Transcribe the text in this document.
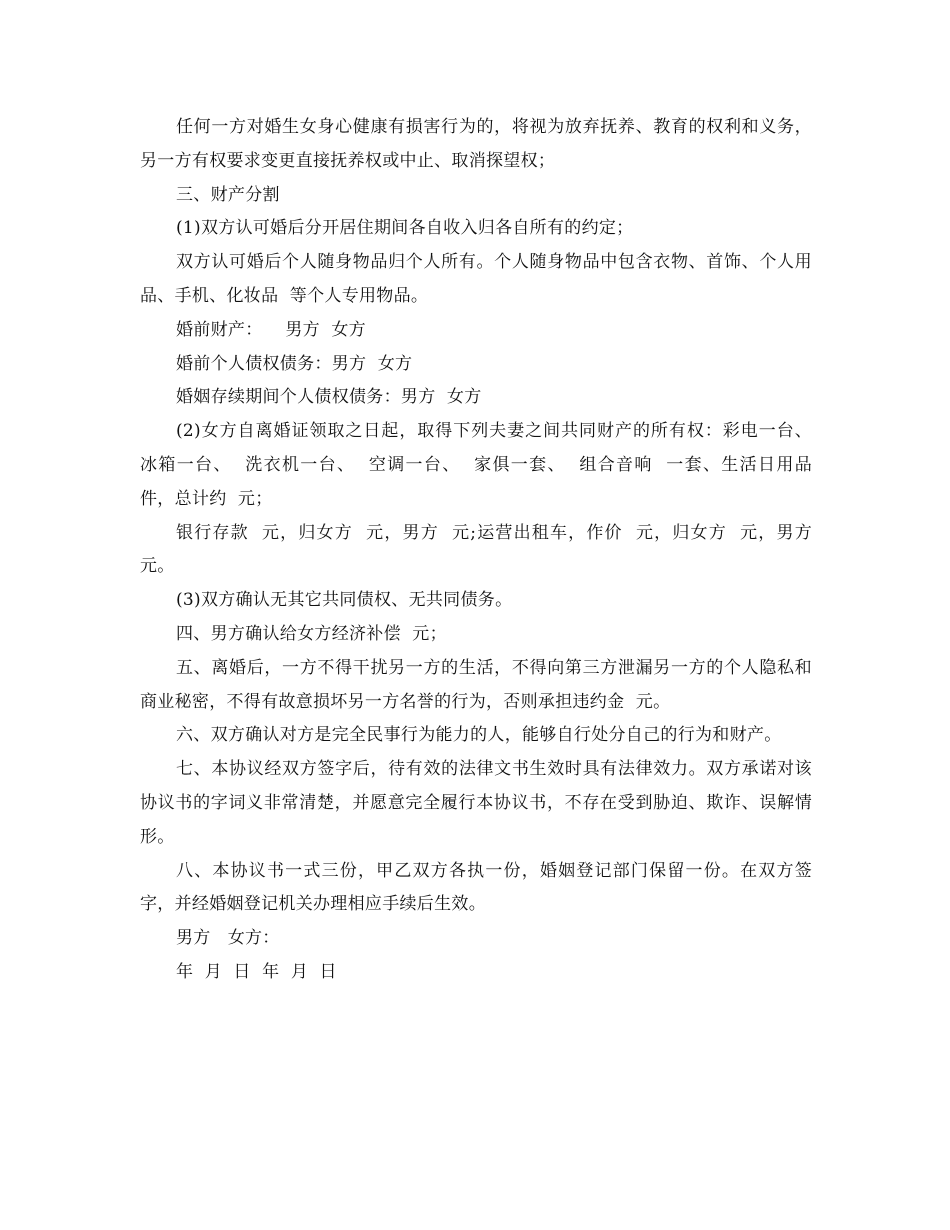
任何一方对婚生女身心健康有损害行为的，将视为放弃抚养、教育的权利和义务，另一方有权要求变更直接抚养权或中止、取消探望权；

三、财产分割

(1)双方认可婚后分开居住期间各自收入归各自所有的约定；

双方认可婚后个人随身物品归个人所有。个人随身物品中包含衣物、首饰、个人用品、手机、化妆品  等个人专用物品。

婚前财产：    男方  女方

婚前个人债权债务：男方  女方

婚姻存续期间个人债权债务：男方  女方

(2)女方自离婚证领取之日起，取得下列夫妻之间共同财产的所有权：彩电一台、  冰箱一台、  洗衣机一台、  空调一台、  家俱一套、  组合音响  一套、生活日用品  件，总计约  元；

银行存款  元，归女方  元，男方  元;运营出租车，作价  元，归女方  元，男方  元。

(3)双方确认无其它共同债权、无共同债务。

四、男方确认给女方经济补偿  元；

五、离婚后，一方不得干扰另一方的生活，不得向第三方泄漏另一方的个人隐私和商业秘密，不得有故意损坏另一方名誉的行为，否则承担违约金  元。

六、双方确认对方是完全民事行为能力的人，能够自行处分自己的行为和财产。

七、本协议经双方签字后，待有效的法律文书生效时具有法律效力。双方承诺对该协议书的字词义非常清楚，并愿意完全履行本协议书，不存在受到胁迫、欺诈、误解情形。

八、本协议书一式三份，甲乙双方各执一份，婚姻登记部门保留一份。在双方签字，并经婚姻登记机关办理相应手续后生效。

男方   女方：

年  月  日  年  月  日
